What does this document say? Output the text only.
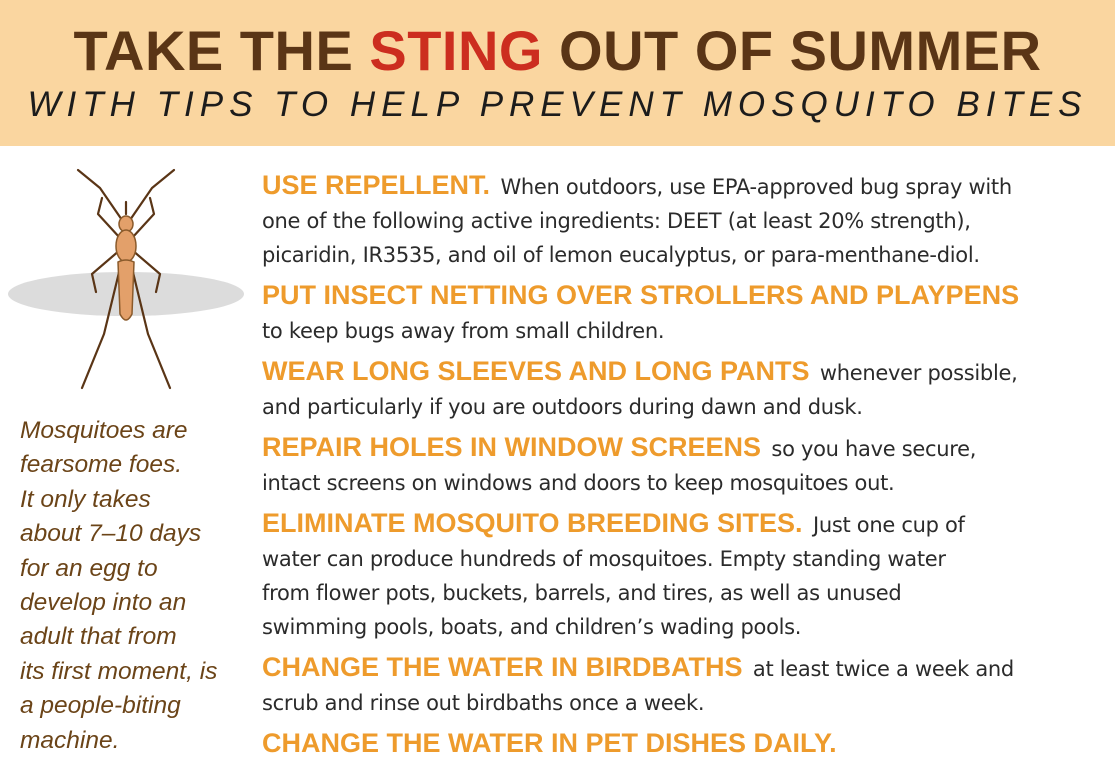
TAKE THE STING OUT OF SUMMER
WITH TIPS TO HELP PREVENT MOSQUITO BITES
Mosquitoes are
fearsome foes.
It only takes
about 7–10 days
for an egg to
develop into an
adult that from
its first moment, is
a people-biting
machine.

USE REPELLENT. When outdoors, use EPA-approved bug spray with

one of the following active ingredients: DEET (at least 20% strength),

picaridin, IR3535, and oil of lemon eucalyptus, or para-menthane-diol.

PUT INSECT NETTING OVER STROLLERS AND PLAYPENS

to keep bugs away from small children.

WEAR LONG SLEEVES AND LONG PANTS whenever possible,

and particularly if you are outdoors during dawn and dusk.

REPAIR HOLES IN WINDOW SCREENS so you have secure,

intact screens on windows and doors to keep mosquitoes out.

ELIMINATE MOSQUITO BREEDING SITES. Just one cup of

water can produce hundreds of mosquitoes. Empty standing water

from flower pots, buckets, barrels, and tires, as well as unused

swimming pools, boats, and children’s wading pools.

CHANGE THE WATER IN BIRDBATHS at least twice a week and

scrub and rinse out birdbaths once a week.

CHANGE THE WATER IN PET DISHES DAILY.
